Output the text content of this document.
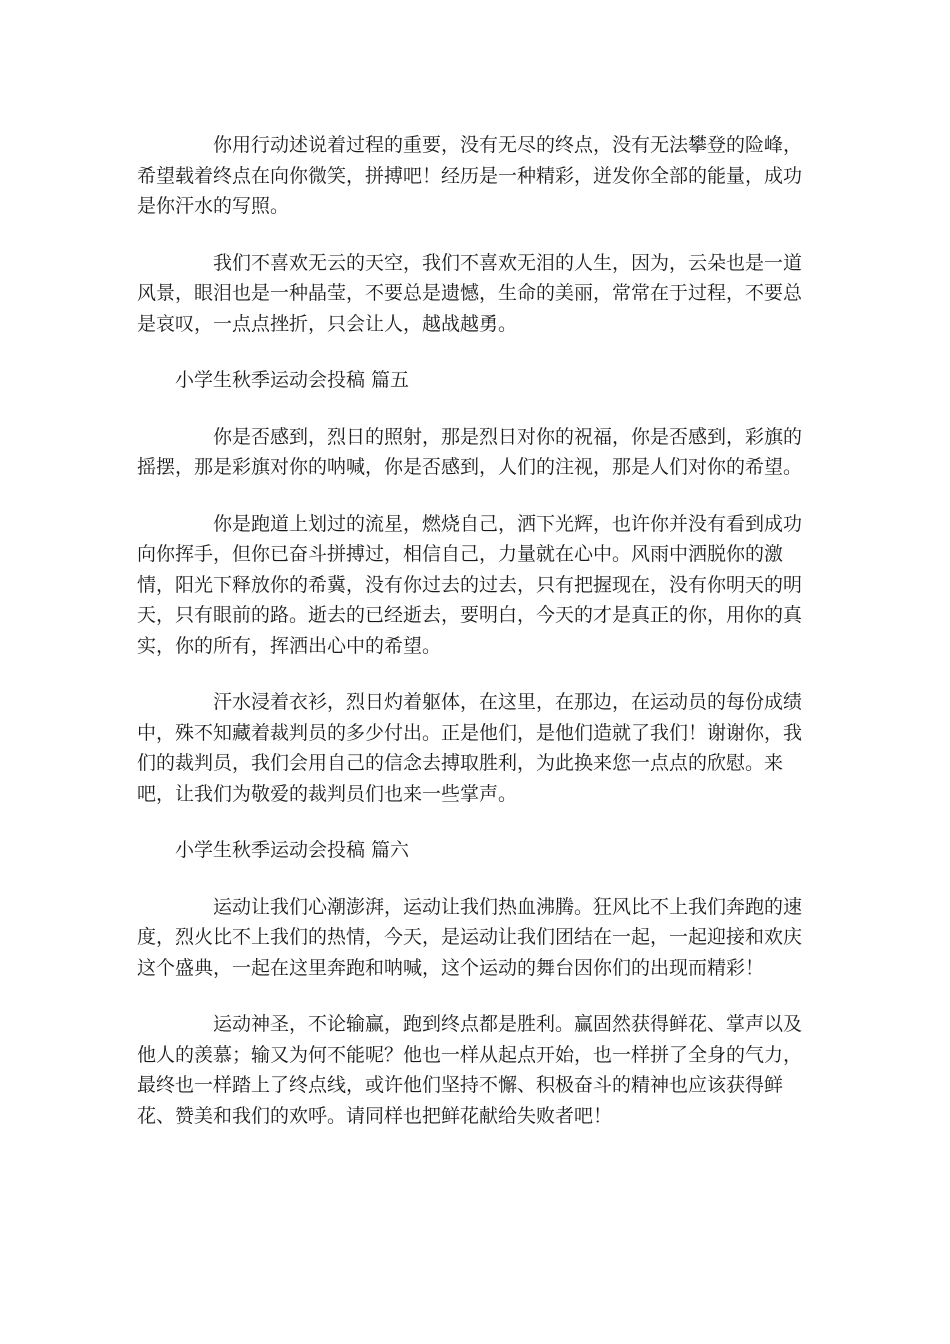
你用行动述说着过程的重要，没有无尽的终点，没有无法攀登的险峰，希望载着终点在向你微笑，拼搏吧！经历是一种精彩，迸发你全部的能量，成功是你汗水的写照。

我们不喜欢无云的天空，我们不喜欢无泪的人生，因为，云朵也是一道风景，眼泪也是一种晶莹，不要总是遗憾，生命的美丽，常常在于过程，不要总是哀叹，一点点挫折，只会让人，越战越勇。

小学生秋季运动会投稿 篇五

你是否感到，烈日的照射，那是烈日对你的祝福，你是否感到，彩旗的摇摆，那是彩旗对你的呐喊，你是否感到，人们的注视，那是人们对你的希望。

你是跑道上划过的流星，燃烧自己，洒下光辉，也许你并没有看到成功向你挥手，但你已奋斗拼搏过，相信自己，力量就在心中。风雨中洒脱你的激情，阳光下释放你的希冀，没有你过去的过去，只有把握现在，没有你明天的明天，只有眼前的路。逝去的已经逝去，要明白，今天的才是真正的你，用你的真实，你的所有，挥洒出心中的希望。

汗水浸着衣衫，烈日灼着躯体，在这里，在那边，在运动员的每份成绩中，殊不知藏着裁判员的多少付出。正是他们，是他们造就了我们！谢谢你，我们的裁判员，我们会用自己的信念去搏取胜利，为此换来您一点点的欣慰。来吧，让我们为敬爱的裁判员们也来一些掌声。

小学生秋季运动会投稿 篇六

运动让我们心潮澎湃，运动让我们热血沸腾。狂风比不上我们奔跑的速度，烈火比不上我们的热情，今天，是运动让我们团结在一起，一起迎接和欢庆这个盛典，一起在这里奔跑和呐喊，这个运动的舞台因你们的出现而精彩！

运动神圣，不论输赢，跑到终点都是胜利。赢固然获得鲜花、掌声以及他人的羡慕；输又为何不能呢？他也一样从起点开始，也一样拼了全身的气力，最终也一样踏上了终点线，或许他们坚持不懈、积极奋斗的精神也应该获得鲜花、赞美和我们的欢呼。请同样也把鲜花献给失败者吧！
